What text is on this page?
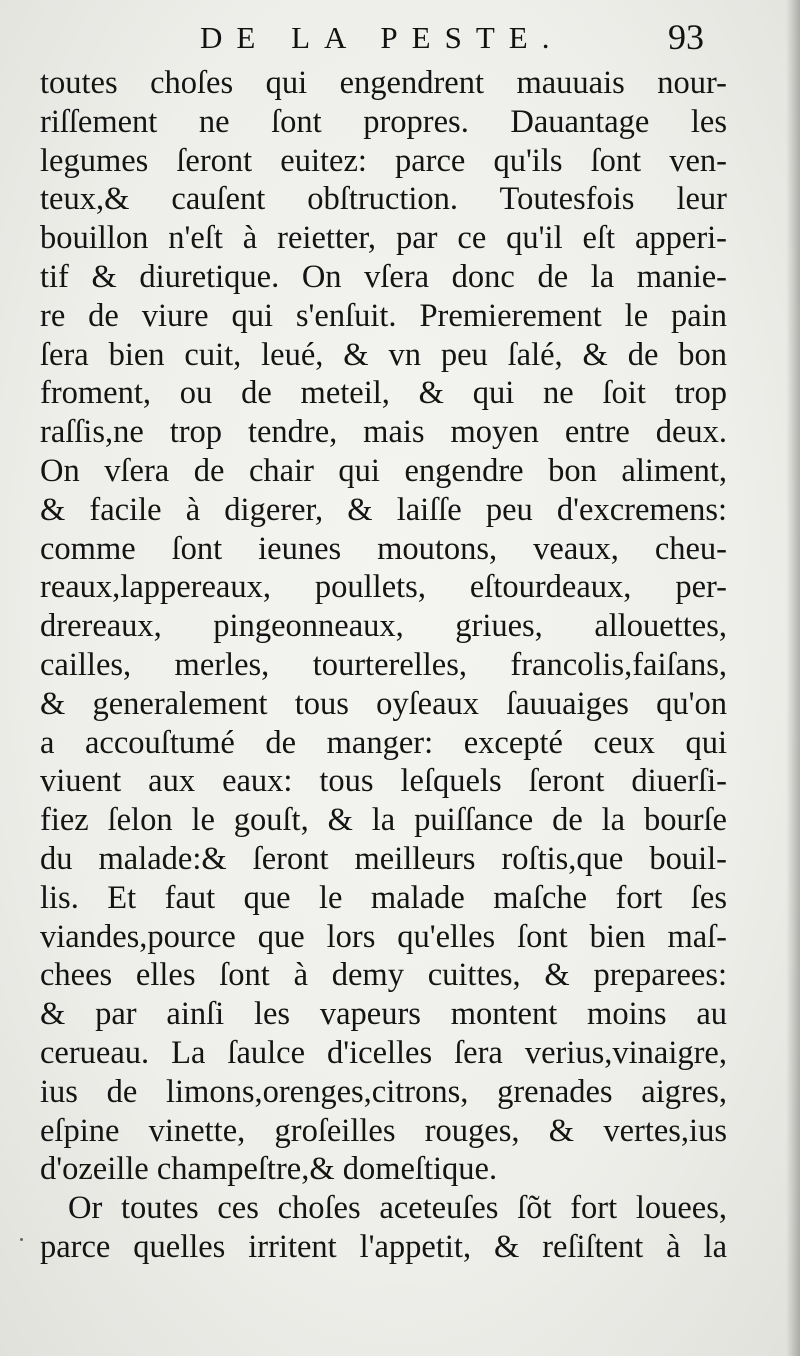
DE LA PESTE.	93
toutes choſes qui engendrent mauuais nour-
riſſement ne ſont propres. Dauantage les
legumes ſeront euitez: parce qu'ils ſont ven-
teux,& cauſent obſtruction. Toutesfois leur
bouillon n'eſt à reietter, par ce qu'il eſt apperi-
tif & diuretique. On vſera donc de la manie-
re de viure qui s'enſuit. Premierement le pain
ſera bien cuit, leué, & vn peu ſalé, & de bon
froment, ou de meteil, & qui ne ſoit trop
raſſis,ne trop tendre, mais moyen entre deux.
On vſera de chair qui engendre bon aliment,
& facile à digerer, & laiſſe peu d'excremens:
comme ſont ieunes moutons, veaux, cheu-
reaux,lappereaux, poullets, eſtourdeaux, per-
drereaux, pingeonneaux, griues, allouettes,
cailles, merles, tourterelles, francolis,faiſans,
& generalement tous oyſeaux ſauuaiges qu'on
a accouſtumé de manger: excepté ceux qui
viuent aux eaux: tous leſquels ſeront diuerſi-
fiez ſelon le gouſt, & la puiſſance de la bourſe
du malade:& ſeront meilleurs roſtis,que bouil-
lis. Et faut que le malade maſche fort ſes
viandes,pource que lors qu'elles ſont bien maſ-
chees elles ſont à demy cuittes, & preparees:
& par ainſi les vapeurs montent moins au
cerueau. La ſaulce d'icelles ſera verius,vinaigre,
ius de limons,orenges,citrons, grenades aigres,
eſpine vinette, groſeilles rouges, & vertes,ius
d'ozeille champeſtre,& domeſtique.
Or toutes ces choſes aceteuſes ſõt fort louees,
parce quelles irritent l'appetit, & reſiſtent à la
